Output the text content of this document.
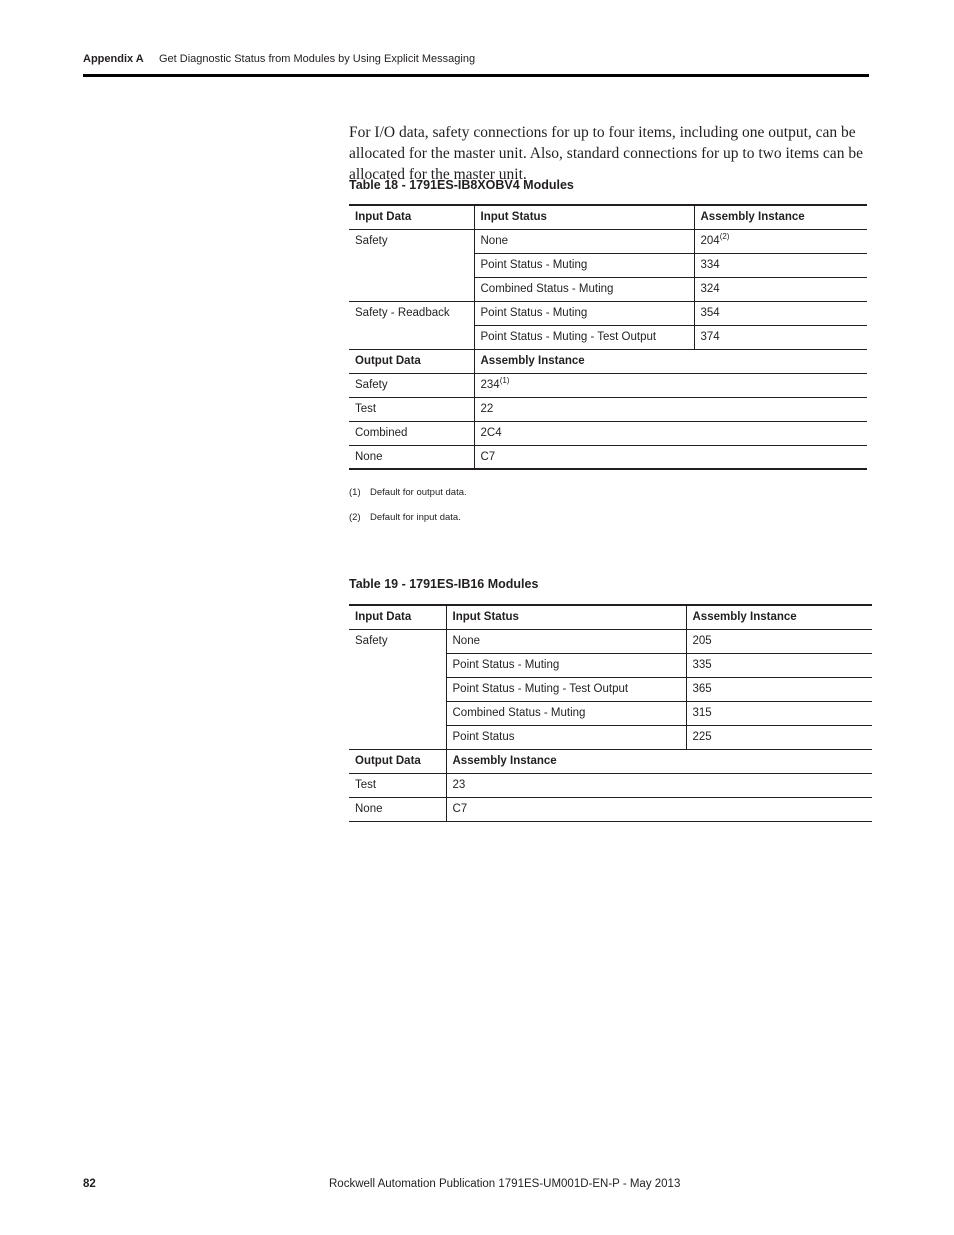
Appendix A Get Diagnostic Status from Modules by Using Explicit Messaging

For I/O data, safety connections for up to four items, including one output, can be allocated for the master unit. Also, standard connections for up to two items can be allocated for the master unit.

Table 18 - 1791ES-IB8XOBV4 Modules
Input Data	Input Status	Assembly Instance
Safety	None	204$^{(2)}$
	Point Status - Muting	334
	Combined Status - Muting	324
Safety - Readback	Point Status - Muting	354
	Point Status - Muting - Test Output	374
Output Data	Assembly Instance	
Safety	234$^{(1)}$
Test	22	
Combined	2C4	
None	C7	
(1) Default for output data.
(2) Default for input data.
Table 19 - 1791ES-IB16 Modules
Input Data	Input Status	Assembly Instance
Safety	None	205
	Point Status - Muting	335
	Point Status - Muting - Test Output	365
	Combined Status - Muting	315
	Point Status	225
Output Data	Assembly Instance	
Test	23	
None	C7	
82	Rockwell Automation Publication 1791ES-UM001D-EN-P - May 2013
